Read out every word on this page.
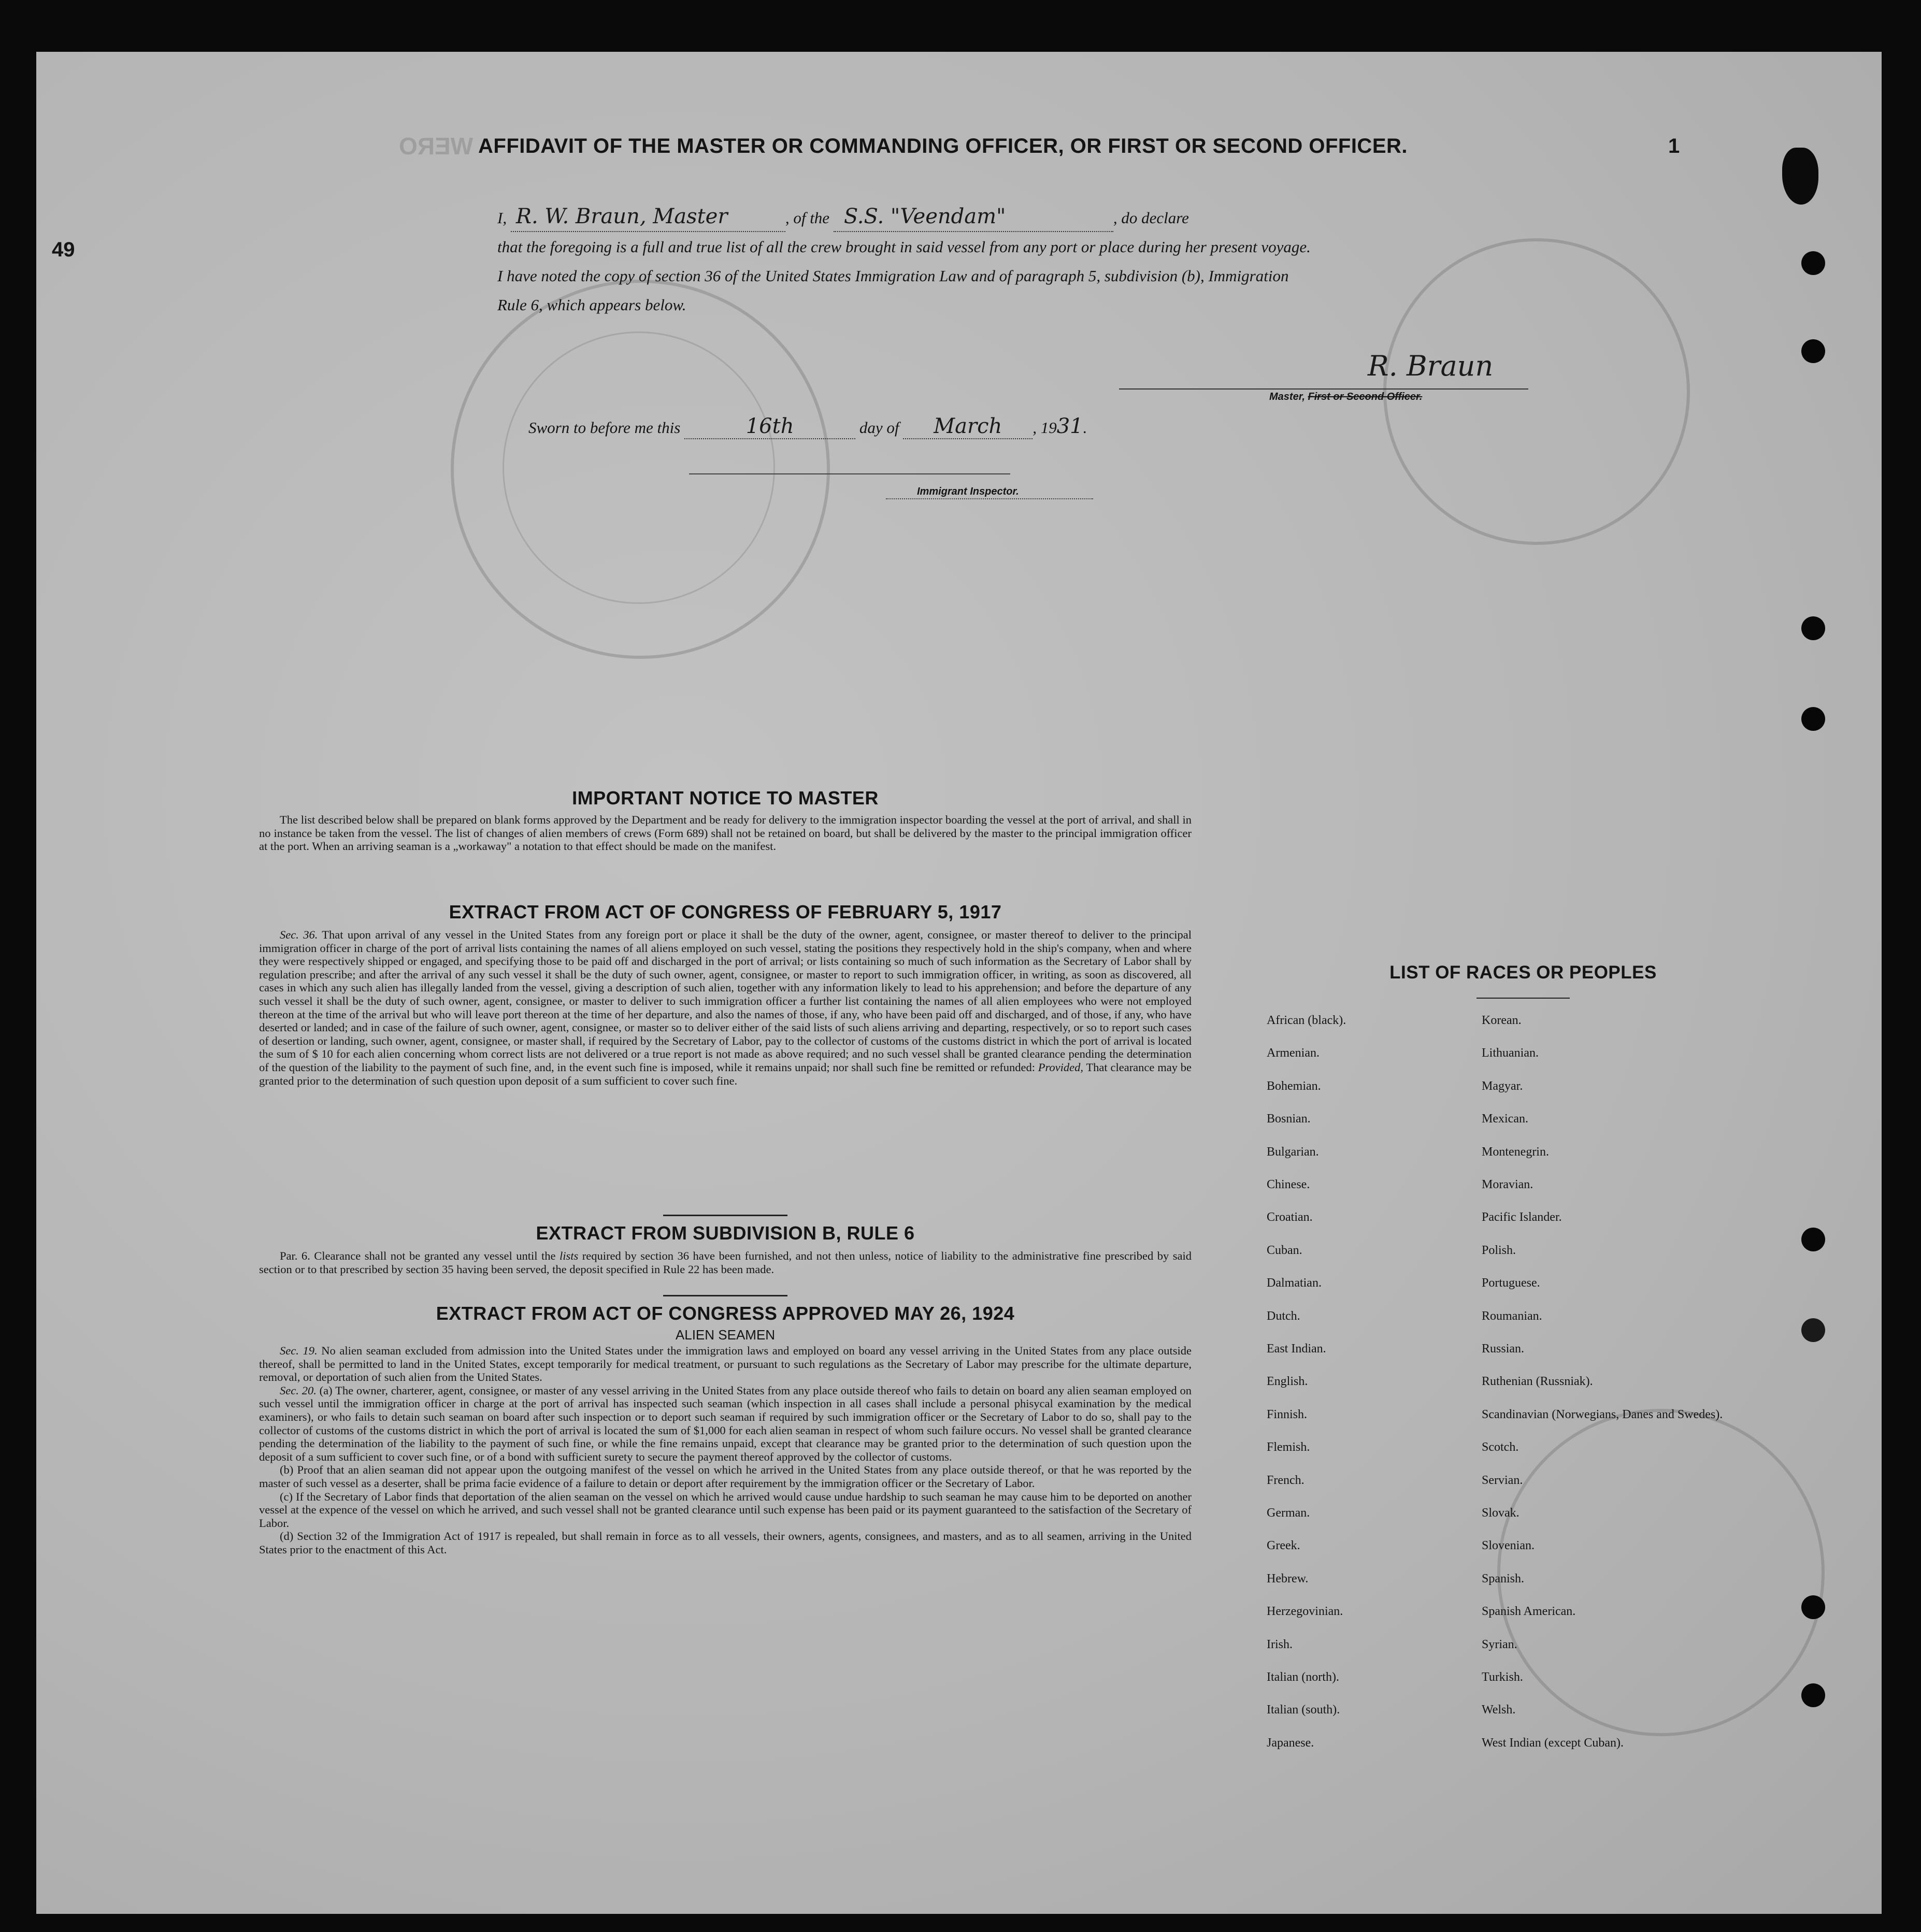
WERO
49
AFFIDAVIT OF THE MASTER OR COMMANDING OFFICER, OR FIRST OR SECOND OFFICER.	1
I, R. W. Braun, Master	, of the S.S. "Veendam"	, do declare
that the foregoing is a full and true list of all the crew brought in said vessel from any port or place during her present voyage.
I have noted the copy of section 36 of the United States Immigration Law and of paragraph 5, subdivision (b), Immigration
Rule 6, which appears below.
R. Braun
Master, First or Second Officer.
Sworn to before me this	16th	day of March , 1931.
Immigrant Inspector.
IMPORTANT NOTICE TO MASTER
The list described below shall be prepared on blank forms approved by the Department and be ready for delivery to the immigration inspector boarding the vessel at the port of arrival, and shall in no instance be taken from the vessel. The list of changes of alien members of crews (Form 689) shall not be retained on board, but shall be delivered by the master to the principal immigration officer at the port. When an arriving seaman is a „workaway" a notation to that effect should be made on the manifest.
EXTRACT FROM ACT OF CONGRESS OF FEBRUARY 5, 1917
Sec. 36. That upon arrival of any vessel in the United States from any foreign port or place it shall be the duty of the owner, agent, consignee, or master thereof to deliver to the principal immigration officer in charge of the port of arrival lists containing the names of all aliens employed on such vessel, stating the positions they respectively hold in the ship's company, when and where they were respectively shipped or engaged, and specifying those to be paid off and discharged in the port of arrival; or lists containing so much of such information as the Secretary of Labor shall by regulation prescribe; and after the arrival of any such vessel it shall be the duty of such owner, agent, consignee, or master to report to such immigration officer, in writing, as soon as discovered, all cases in which any such alien has illegally landed from the vessel, giving a description of such alien, together with any information likely to lead to his apprehension; and before the departure of any such vessel it shall be the duty of such owner, agent, consignee, or master to deliver to such immigration officer a further list containing the names of all alien employees who were not employed thereon at the time of the arrival but who will leave port thereon at the time of her departure, and also the names of those, if any, who have been paid off and discharged, and of those, if any, who have deserted or landed; and in case of the failure of such owner, agent, consignee, or master so to deliver either of the said lists of such aliens arriving and departing, respectively, or so to report such cases of desertion or landing, such owner, agent, consignee, or master shall, if required by the Secretary of Labor, pay to the collector of customs of the customs district in which the port of arrival is located the sum of $ 10 for each alien concerning whom correct lists are not delivered or a true report is not made as above required; and no such vessel shall be granted clearance pending the determination of the question of the liability to the payment of such fine, and, in the event such fine is imposed, while it remains unpaid; nor shall such fine be remitted or refunded: Provided, That clearance may be granted prior to the determination of such question upon deposit of a sum sufficient to cover such fine.
EXTRACT FROM SUBDIVISION B, RULE 6
Par. 6. Clearance shall not be granted any vessel until the lists required by section 36 have been furnished, and not then unless, notice of liability to the administrative fine prescribed by said section or to that prescribed by section 35 having been served, the deposit specified in Rule 22 has been made.
EXTRACT FROM ACT OF CONGRESS APPROVED MAY 26, 1924
ALIEN SEAMEN
Sec. 19. No alien seaman excluded from admission into the United States under the immigration laws and employed on board any vessel arriving in the United States from any place outside thereof, shall be permitted to land in the United States, except temporarily for medical treatment, or pursuant to such regulations as the Secretary of Labor may prescribe for the ultimate departure, removal, or deportation of such alien from the United States.
Sec. 20. (a) The owner, charterer, agent, consignee, or master of any vessel arriving in the United States from any place outside thereof who fails to detain on board any alien seaman employed on such vessel until the immigration officer in charge at the port of arrival has inspected such seaman (which inspection in all cases shall include a personal phisycal examination by the medical examiners), or who fails to detain such seaman on board after such inspection or to deport such seaman if required by such immigration officer or the Secretary of Labor to do so, shall pay to the collector of customs of the customs district in which the port of arrival is located the sum of $1,000 for each alien seaman in respect of whom such failure occurs. No vessel shall be granted clearance pending the determination of the liability to the payment of such fine, or while the fine remains unpaid, except that clearance may be granted prior to the determination of such question upon the deposit of a sum sufficient to cover such fine, or of a bond with sufficient surety to secure the payment thereof approved by the collector of customs.
(b) Proof that an alien seaman did not appear upon the outgoing manifest of the vessel on which he arrived in the United States from any place outside thereof, or that he was reported by the master of such vessel as a deserter, shall be prima facie evidence of a failure to detain or deport after requirement by the immigration officer or the Secretary of Labor.
(c) If the Secretary of Labor finds that deportation of the alien seaman on the vessel on which he arrived would cause undue hardship to such seaman he may cause him to be deported on another vessel at the expence of the vessel on which he arrived, and such vessel shall not be granted clearance until such expense has been paid or its payment guaranteed to the satisfaction of the Secretary of Labor.
(d) Section 32 of the Immigration Act of 1917 is repealed, but shall remain in force as to all vessels, their owners, agents, consignees, and masters, and as to all seamen, arriving in the United States prior to the enactment of this Act.
LIST OF RACES OR PEOPLES
African (black).
Armenian.
Bohemian.
Bosnian.
Bulgarian.
Chinese.
Croatian.
Cuban.
Dalmatian.
Dutch.
East Indian.
English.
Finnish.
Flemish.
French.
German.
Greek.
Hebrew.
Herzegovinian.
Irish.
Italian (north).
Italian (south).
Japanese.
Korean.
Lithuanian.
Magyar.
Mexican.
Montenegrin.
Moravian.
Pacific Islander.
Polish.
Portuguese.
Roumanian.
Russian.
Ruthenian (Russniak).
Scandinavian (Norwegians, Danes and Swedes).
Scotch.
Servian.
Slovak.
Slovenian.
Spanish.
Spanish American.
Syrian.
Turkish.
Welsh.
West Indian (except Cuban).
